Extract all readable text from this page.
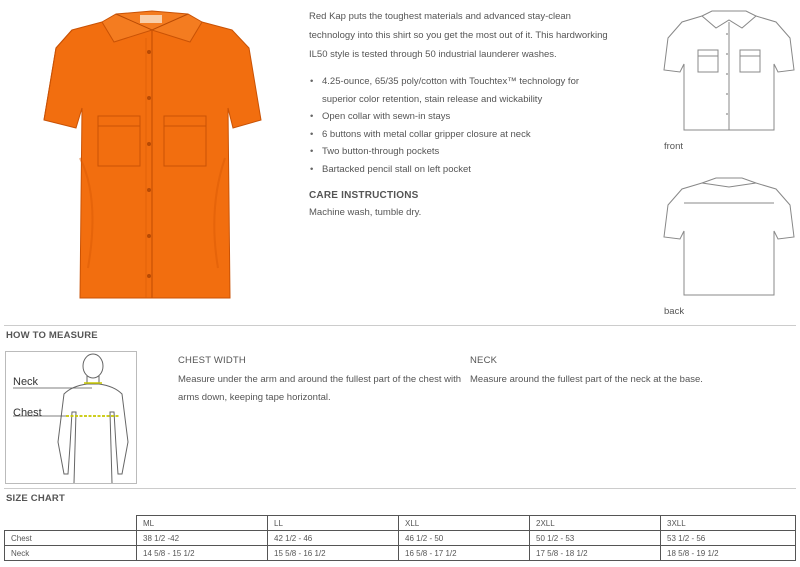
Red Kap puts the toughest materials and advanced stay-clean technology into this shirt so you get the most out of it. This hardworking IL50 style is tested through 50 industrial launderer washes.

• 4.25-ounce, 65/35 poly/cotton with Touchtex™ technology for superior color retention, stain release and wickability
• Open collar with sewn-in stays
• 6 buttons with metal collar gripper closure at neck
• Two button-through pockets
• Bartacked pencil stall on left pocket
CARE INSTRUCTIONS
Machine wash, tumble dry.
front
back
HOW TO MEASURE
Neck
Chest
CHEST WIDTH
Measure under the arm and around the fullest part of the chest with arms down, keeping tape horizontal.
NECK
Measure around the fullest part of the neck at the base.
SIZE CHART
	ML	LL	XLL	2XLL	3XLL
Chest	38 1/2 -42	42 1/2 - 46	46 1/2 - 50	50 1/2 - 53	53 1/2 - 56
Neck	14 5/8 - 15 1/2	15 5/8 - 16 1/2	16 5/8 - 17 1/2	17 5/8 - 18 1/2	18 5/8 - 19 1/2
